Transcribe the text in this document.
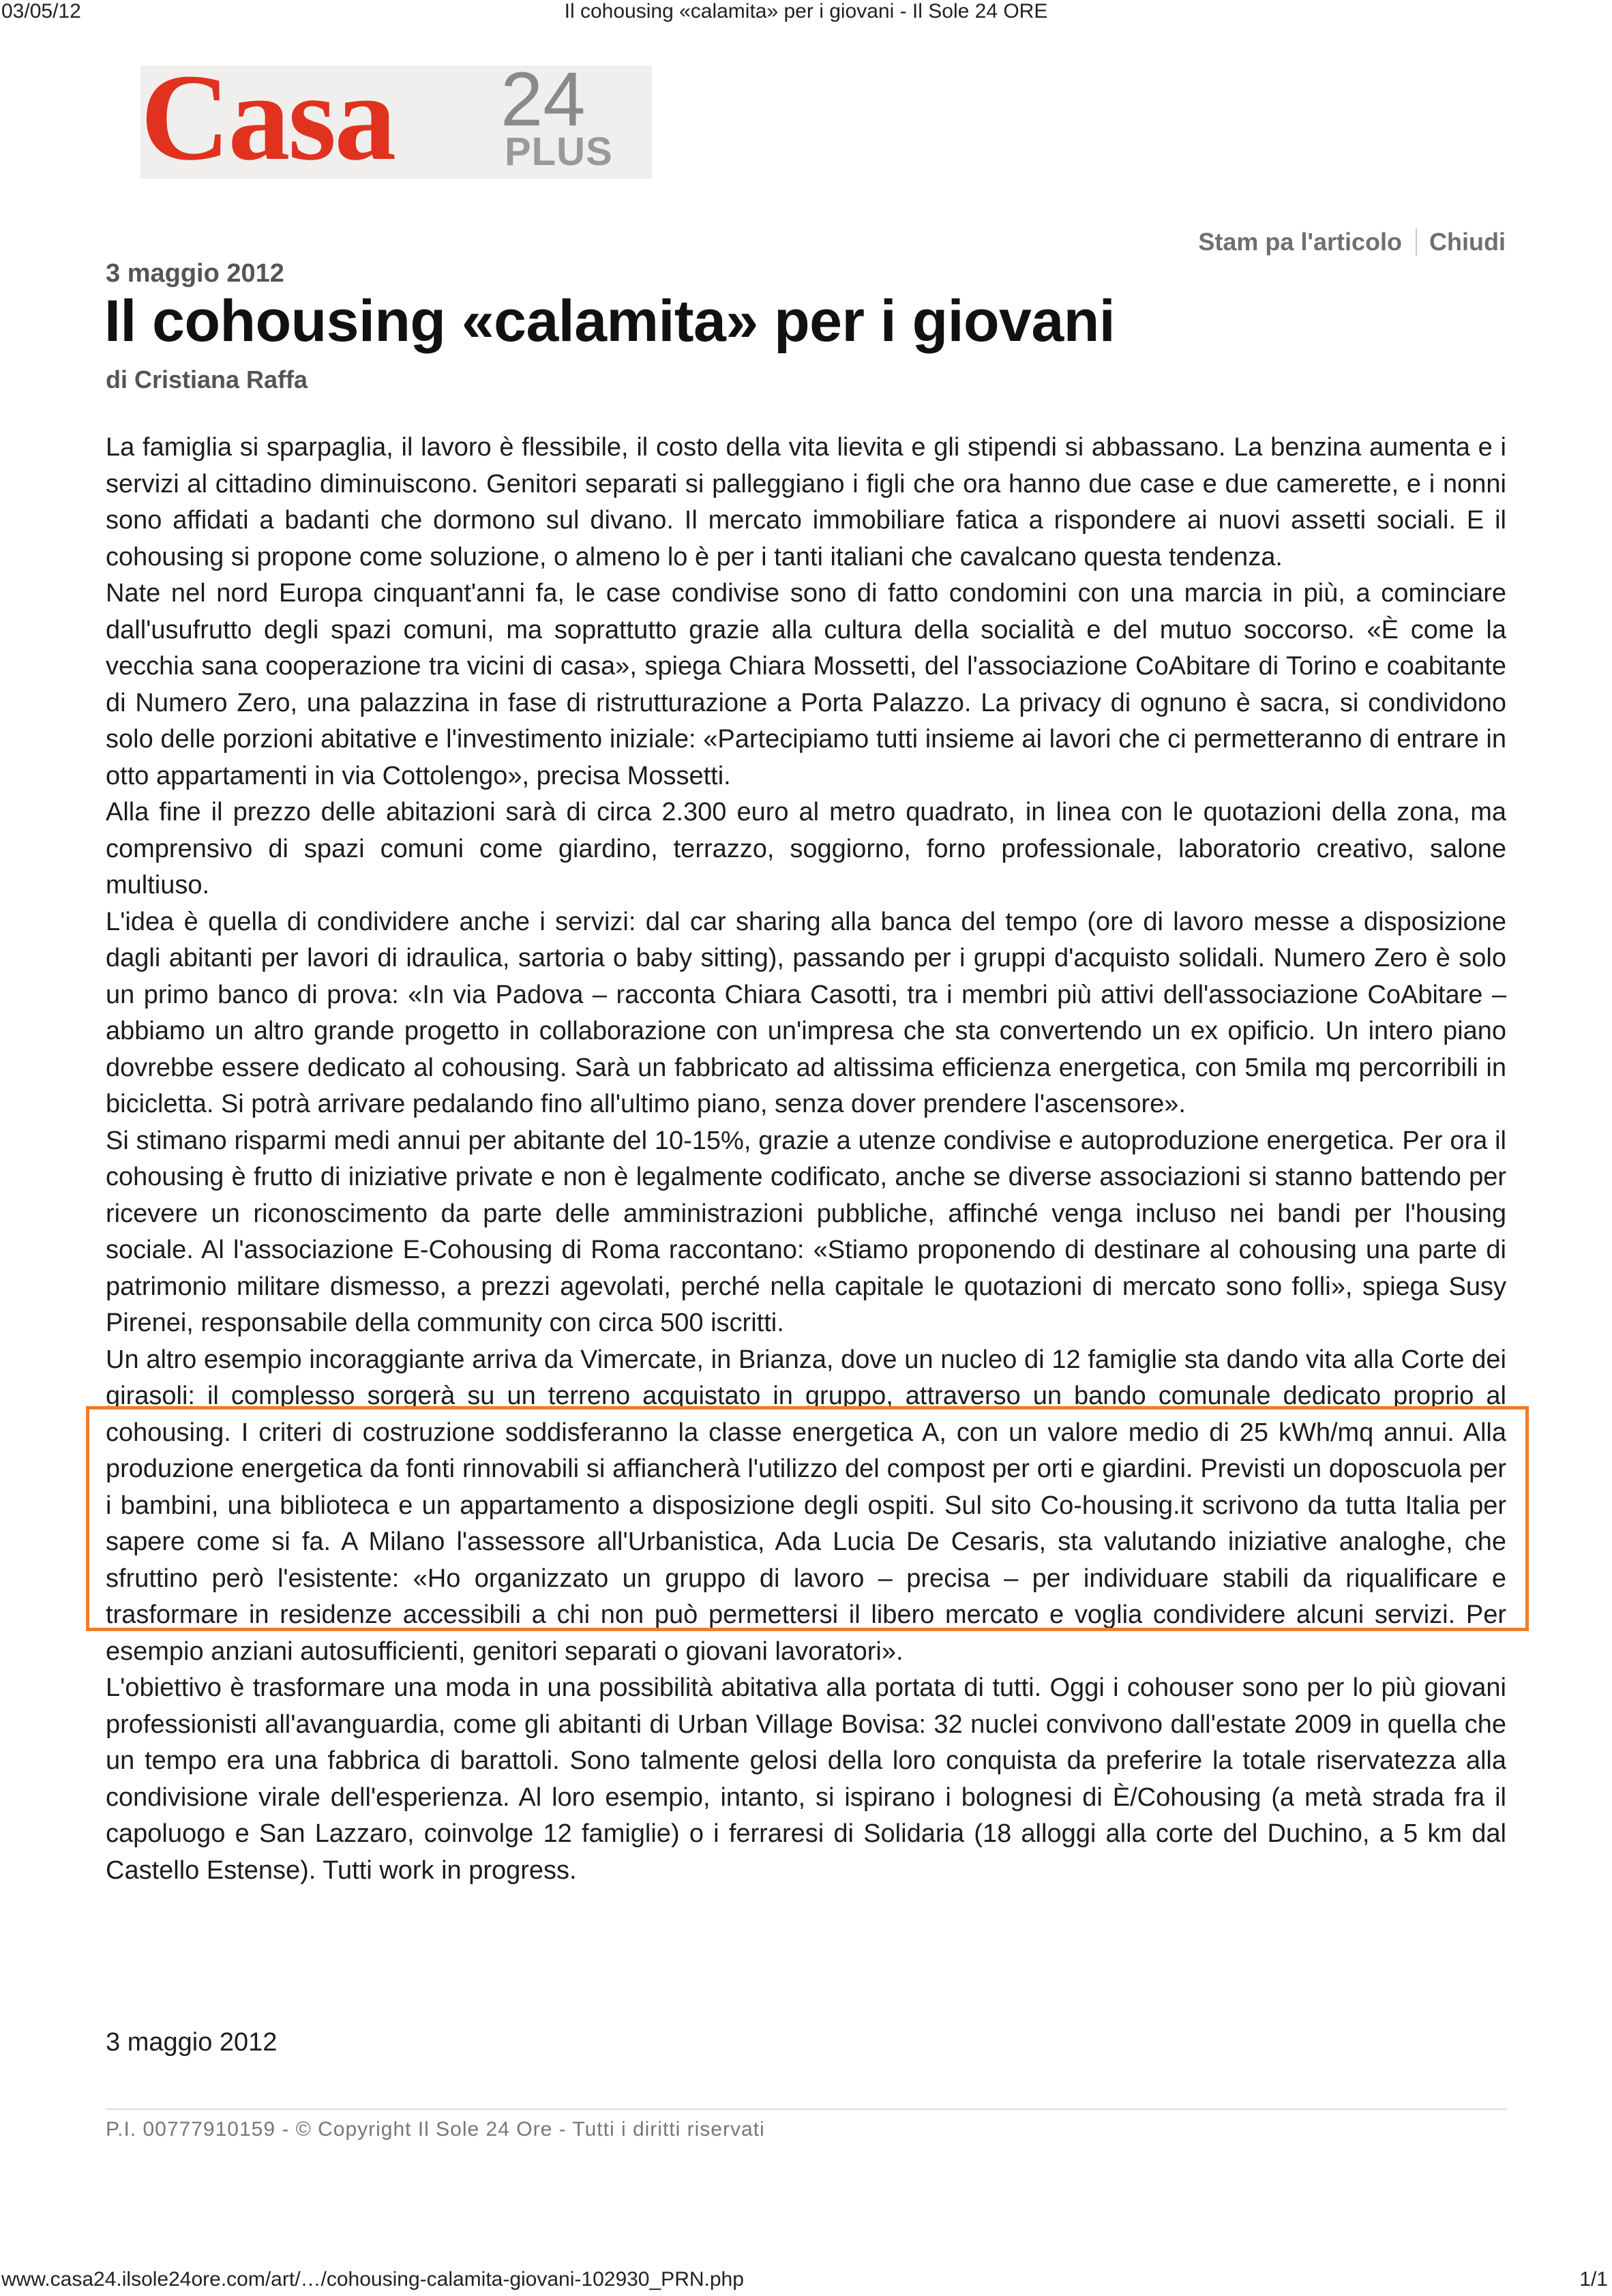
03/05/12	Il cohousing «calamita» per i giovani - Il Sole 24 ORE
Casa 24
PLUS
Stam pa l'articolo Chiudi
3 maggio 2012
Il cohousing «calamita» per i giovani
di Cristiana Raffa

La famiglia si sparpaglia, il lavoro è flessibile, il costo della vita lievita e gli stipendi si abbassano. La benzina aumenta e i servizi al cittadino diminuiscono. Genitori separati si palleggiano i figli che ora hanno due case e due camerette, e i nonni sono affidati a badanti che dormono sul divano. Il mercato immobiliare fatica a rispondere ai nuovi assetti sociali. E il cohousing si propone come soluzione, o almeno lo è per i tanti italiani che cavalcano questa tendenza.

Nate nel nord Europa cinquant'anni fa, le case condivise sono di fatto condomini con una marcia in più, a cominciare dall'usufrutto degli spazi comuni, ma soprattutto grazie alla cultura della socialità e del mutuo soccorso. «È come la vecchia sana cooperazione tra vicini di casa», spiega Chiara Mossetti, del l'associazione CoAbitare di Torino e coabitante di Numero Zero, una palazzina in fase di ristrutturazione a Porta Palazzo. La privacy di ognuno è sacra, si condividono solo delle porzioni abitative e l'investimento iniziale: «Partecipiamo tutti insieme ai lavori che ci permetteranno di entrare in otto appartamenti in via Cottolengo», precisa Mossetti.

Alla fine il prezzo delle abitazioni sarà di circa 2.300 euro al metro quadrato, in linea con le quotazioni della zona, ma comprensivo di spazi comuni come giardino, terrazzo, soggiorno, forno professionale, laboratorio creativo, salone multiuso.

L'idea è quella di condividere anche i servizi: dal car sharing alla banca del tempo (ore di lavoro messe a disposizione dagli abitanti per lavori di idraulica, sartoria o baby sitting), passando per i gruppi d'acquisto solidali. Numero Zero è solo un primo banco di prova: «In via Padova – racconta Chiara Casotti, tra i membri più attivi dell'associazione CoAbitare – abbiamo un altro grande progetto in collaborazione con un'impresa che sta convertendo un ex opificio. Un intero piano dovrebbe essere dedicato al cohousing. Sarà un fabbricato ad altissima efficienza energetica, con 5mila mq percorribili in bicicletta. Si potrà arrivare pedalando fino all'ultimo piano, senza dover prendere l'ascensore».

Si stimano risparmi medi annui per abitante del 10-15%, grazie a utenze condivise e autoproduzione energetica. Per ora il cohousing è frutto di iniziative private e non è legalmente codificato, anche se diverse associazioni si stanno battendo per ricevere un riconoscimento da parte delle amministrazioni pubbliche, affinché venga incluso nei bandi per l'housing sociale. Al l'associazione E-Cohousing di Roma raccontano: «Stiamo proponendo di destinare al cohousing una parte di patrimonio militare dismesso, a prezzi agevolati, perché nella capitale le quotazioni di mercato sono folli», spiega Susy Pirenei, responsabile della community con circa 500 iscritti.

Un altro esempio incoraggiante arriva da Vimercate, in Brianza, dove un nucleo di 12 famiglie sta dando vita alla Corte dei girasoli: il complesso sorgerà su un terreno acquistato in gruppo, attraverso un bando comunale dedicato proprio al cohousing. I criteri di costruzione soddisferanno la classe energetica A, con un valore medio di 25 kWh/mq annui. Alla produzione energetica da fonti rinnovabili si affiancherà l'utilizzo del compost per orti e giardini. Previsti un doposcuola per i bambini, una biblioteca e un appartamento a disposizione degli ospiti. Sul sito Co-housing.it scrivono da tutta Italia per sapere come si fa. A Milano l'assessore all'Urbanistica, Ada Lucia De Cesaris, sta valutando iniziative analoghe, che sfruttino però l'esistente: «Ho organizzato un gruppo di lavoro – precisa – per individuare stabili da riqualificare e trasformare in residenze accessibili a chi non può permettersi il libero mercato e voglia condividere alcuni servizi. Per esempio anziani autosufficienti, genitori separati o giovani lavoratori».

L'obiettivo è trasformare una moda in una possibilità abitativa alla portata di tutti. Oggi i cohouser sono per lo più giovani professionisti all'avanguardia, come gli abitanti di Urban Village Bovisa: 32 nuclei convivono dall'estate 2009 in quella che un tempo era una fabbrica di barattoli. Sono talmente gelosi della loro conquista da preferire la totale riservatezza alla condivisione virale dell'esperienza. Al loro esempio, intanto, si ispirano i bolognesi di È/Cohousing (a metà strada fra il capoluogo e San Lazzaro, coinvolge 12 famiglie) o i ferraresi di Solidaria (18 alloggi alla corte del Duchino, a 5 km dal Castello Estense). Tutti work in progress.

3 maggio 2012
P.I. 00777910159 - © Copyright Il Sole 24 Ore - Tutti i diritti riservati
www.casa24.ilsole24ore.com/art/…/cohousing-calamita-giovani-102930_PRN.php	1/1
